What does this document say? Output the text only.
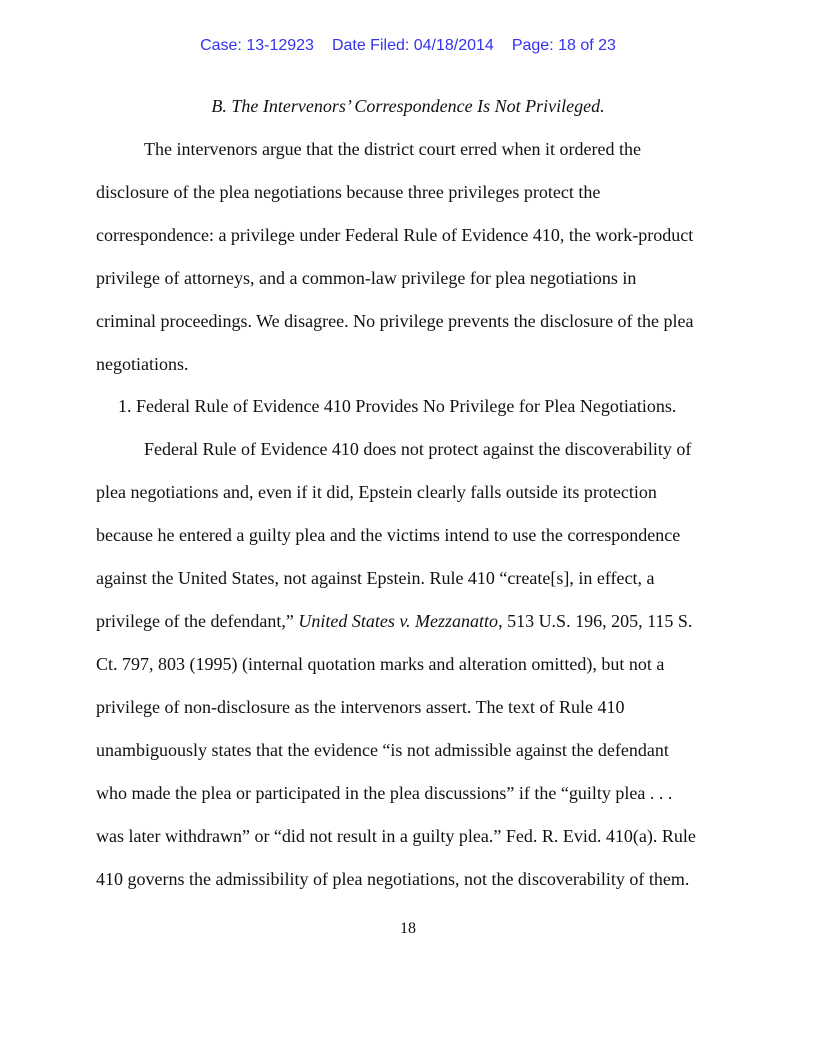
Case: 13-12923 Date Filed: 04/18/2014 Page: 18 of 23
B. The Intervenors’ Correspondence Is Not Privileged.
The intervenors argue that the district court erred when it ordered the
disclosure of the plea negotiations because three privileges protect the
correspondence: a privilege under Federal Rule of Evidence 410, the work-product
privilege of attorneys, and a common-law privilege for plea negotiations in
criminal proceedings. We disagree. No privilege prevents the disclosure of the plea
negotiations.
1. Federal Rule of Evidence 410 Provides No Privilege for Plea Negotiations.
Federal Rule of Evidence 410 does not protect against the discoverability of
plea negotiations and, even if it did, Epstein clearly falls outside its protection
because he entered a guilty plea and the victims intend to use the correspondence
against the United States, not against Epstein. Rule 410 “create[s], in effect, a
privilege of the defendant,” United States v. Mezzanatto, 513 U.S. 196, 205, 115 S.
Ct. 797, 803 (1995) (internal quotation marks and alteration omitted), but not a
privilege of non-disclosure as the intervenors assert. The text of Rule 410
unambiguously states that the evidence “is not admissible against the defendant
who made the plea or participated in the plea discussions” if the “guilty plea . . .
was later withdrawn” or “did not result in a guilty plea.” Fed. R. Evid. 410(a). Rule
410 governs the admissibility of plea negotiations, not the discoverability of them.
18
